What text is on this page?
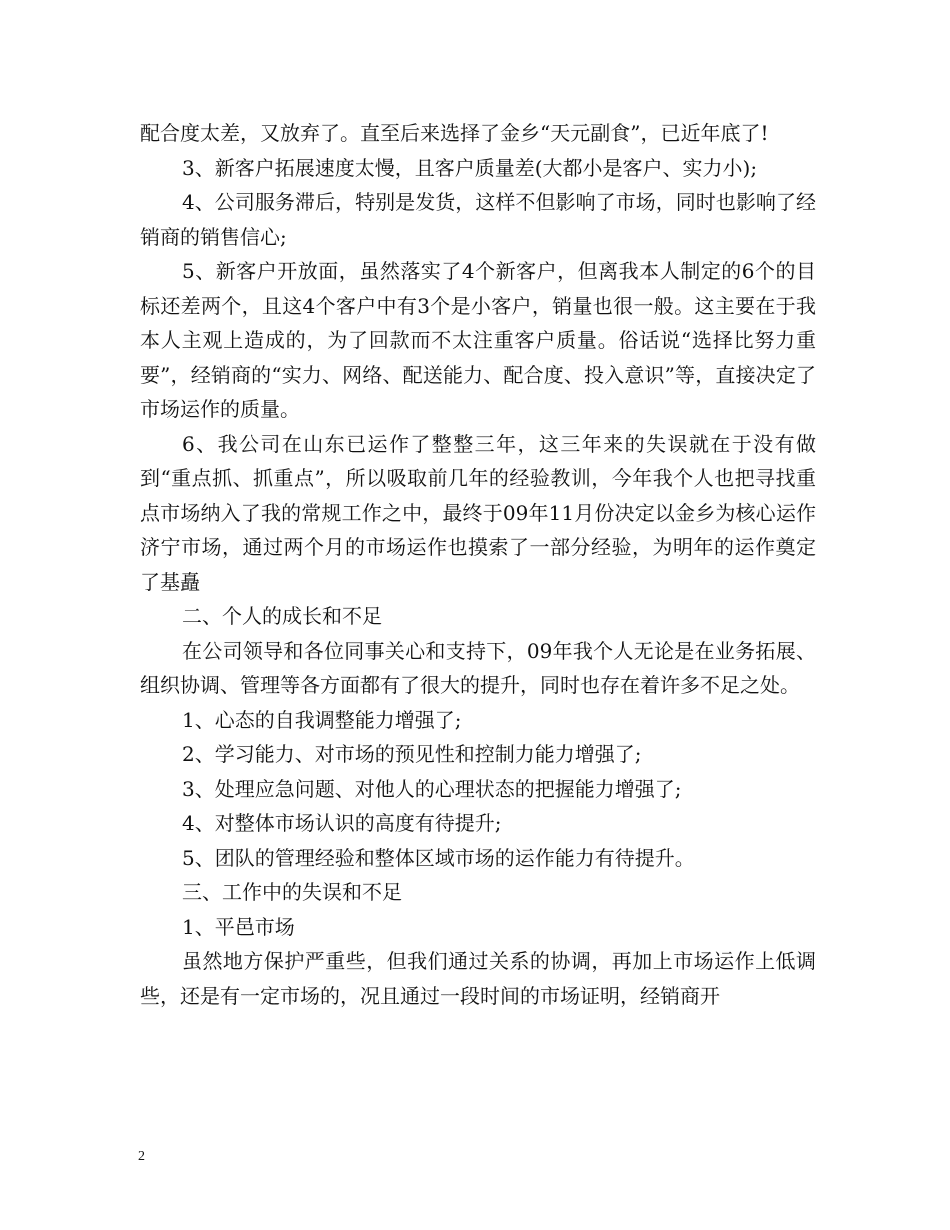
配合度太差，又放弃了。直至后来选择了金乡“天元副食”，已近年底了!

3、新客户拓展速度太慢，且客户质量差(大都小是客户、实力小);

4、公司服务滞后，特别是发货，这样不但影响了市场，同时也影响了经销商的销售信心;

5、新客户开放面，虽然落实了4个新客户，但离我本人制定的6个的目标还差两个，且这4个客户中有3个是小客户，销量也很一般。这主要在于我本人主观上造成的，为了回款而不太注重客户质量。俗话说“选择比努力重要”，经销商的“实力、网络、配送能力、配合度、投入意识”等，直接决定了市场运作的质量。

6、我公司在山东已运作了整整三年，这三年来的失误就在于没有做到“重点抓、抓重点”，所以吸取前几年的经验教训，今年我个人也把寻找重点市场纳入了我的常规工作之中，最终于09年11月份决定以金乡为核心运作济宁市场，通过两个月的市场运作也摸索了一部分经验，为明年的运作奠定了基矗

二、个人的成长和不足

在公司领导和各位同事关心和支持下，09年我个人无论是在业务拓展、组织协调、管理等各方面都有了很大的提升，同时也存在着许多不足之处。

1、心态的自我调整能力增强了;

2、学习能力、对市场的预见性和控制力能力增强了;

3、处理应急问题、对他人的心理状态的把握能力增强了;

4、对整体市场认识的高度有待提升;

5、团队的管理经验和整体区域市场的运作能力有待提升。

三、工作中的失误和不足

1、平邑市场

虽然地方保护严重些，但我们通过关系的协调，再加上市场运作上低调些，还是有一定市场的，况且通过一段时间的市场证明，经销商开

2
